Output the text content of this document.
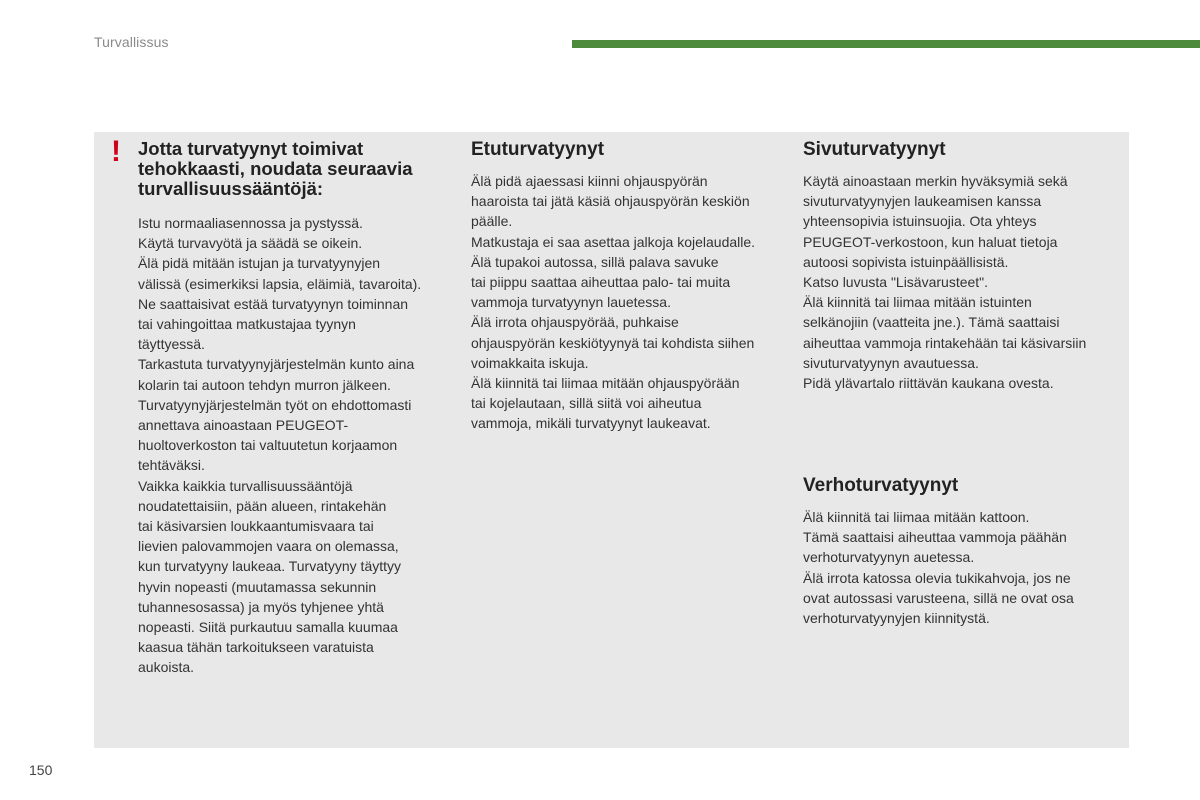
Turvallissus
! Jotta turvatyynyt toimivat
tehokkaasti, noudata seuraavia
turvallisuussääntöjä:

Istu normaaliasennossa ja pystyssä.

Käytä turvavyötä ja säädä se oikein.

Älä pidä mitään istujan ja turvatyynyjen

välissä (esimerkiksi lapsia, eläimiä, tavaroita).

Ne saattaisivat estää turvatyynyn toiminnan

tai vahingoittaa matkustajaa tyynyn

täyttyessä.

Tarkastuta turvatyynyjärjestelmän kunto aina

kolarin tai autoon tehdyn murron jälkeen.

Turvatyynyjärjestelmän työt on ehdottomasti

annettava ainoastaan PEUGEOT-

huoltoverkoston tai valtuutetun korjaamon

tehtäväksi.

Vaikka kaikkia turvallisuussääntöjä

noudatettaisiin, pään alueen, rintakehän

tai käsivarsien loukkaantumisvaara tai

lievien palovammojen vaara on olemassa,

kun turvatyyny laukeaa. Turvatyyny täyttyy

hyvin nopeasti (muutamassa sekunnin

tuhannesosassa) ja myös tyhjenee yhtä

nopeasti. Siitä purkautuu samalla kuumaa

kaasua tähän tarkoitukseen varatuista

aukoista.

Etuturvatyynyt

Älä pidä ajaessasi kiinni ohjauspyörän

haaroista tai jätä käsiä ohjauspyörän keskiön

päälle.

Matkustaja ei saa asettaa jalkoja kojelaudalle.

Älä tupakoi autossa, sillä palava savuke

tai piippu saattaa aiheuttaa palo- tai muita

vammoja turvatyynyn lauetessa.

Älä irrota ohjauspyörää, puhkaise

ohjauspyörän keskiötyynyä tai kohdista siihen

voimakkaita iskuja.

Älä kiinnitä tai liimaa mitään ohjauspyörään

tai kojelautaan, sillä siitä voi aiheutua

vammoja, mikäli turvatyynyt laukeavat.

Sivuturvatyynyt

Käytä ainoastaan merkin hyväksymiä sekä

sivuturvatyynyjen laukeamisen kanssa

yhteensopivia istuinsuojia. Ota yhteys

PEUGEOT-verkostoon, kun haluat tietoja

autoosi sopivista istuinpäällisistä.

Katso luvusta "Lisävarusteet".

Älä kiinnitä tai liimaa mitään istuinten

selkänojiin (vaatteita jne.). Tämä saattaisi

aiheuttaa vammoja rintakehään tai käsivarsiin

sivuturvatyynyn avautuessa.

Pidä ylävartalo riittävän kaukana ovesta.

Verhoturvatyynyt

Älä kiinnitä tai liimaa mitään kattoon.

Tämä saattaisi aiheuttaa vammoja päähän

verhoturvatyynyn auetessa.

Älä irrota katossa olevia tukikahvoja, jos ne

ovat autossasi varusteena, sillä ne ovat osa

verhoturvatyynyjen kiinnitystä.

150
